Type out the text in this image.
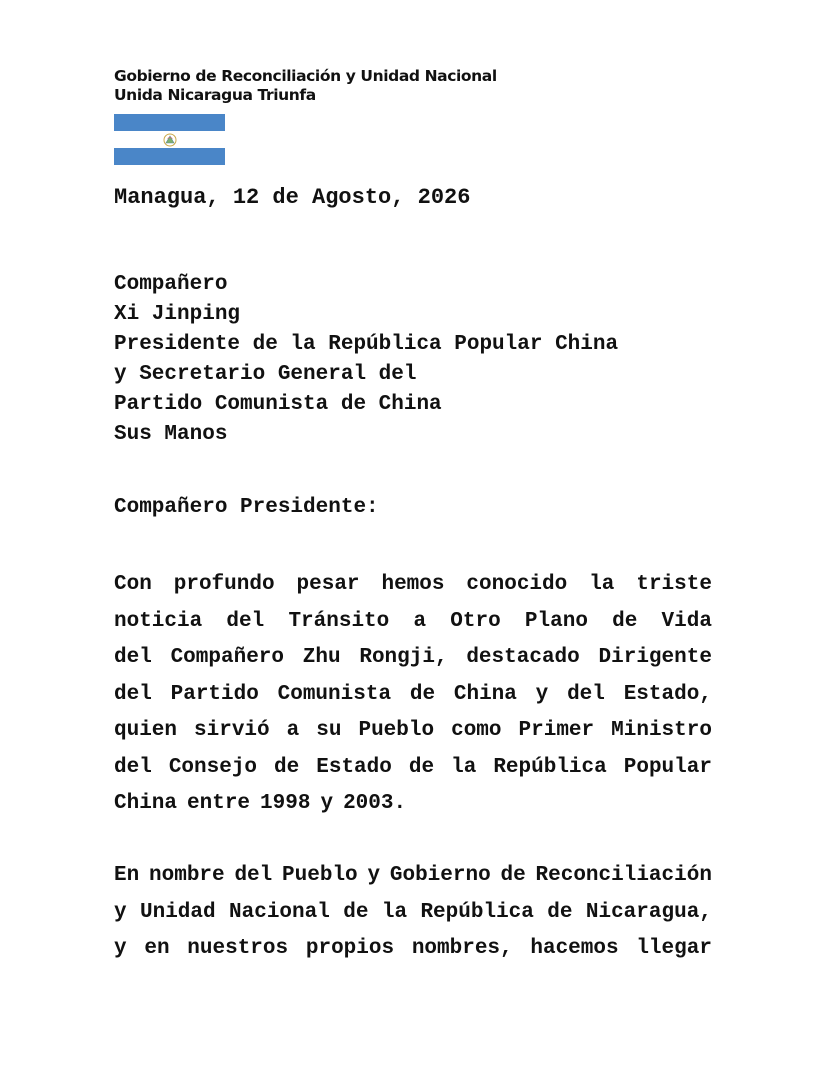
Gobierno de Reconciliación y Unidad Nacional
Unida Nicaragua Triunfa
Managua, 12 de Agosto, 2026
Compañero
Xi Jinping
Presidente de la República Popular China
y Secretario General del
Partido Comunista de China
Sus Manos
Compañero Presidente:
Con profundo pesar hemos conocido la triste
noticia del Tránsito a Otro Plano de Vida
del Compañero Zhu Rongji, destacado Dirigente
del Partido Comunista de China y del Estado,
quien sirvió a su Pueblo como Primer Ministro
del Consejo de Estado de la República Popular
China entre 1998 y 2003.
En nombre del Pueblo y Gobierno de Reconciliación
y Unidad Nacional de la República de Nicaragua,
y en nuestros propios nombres, hacemos llegar
